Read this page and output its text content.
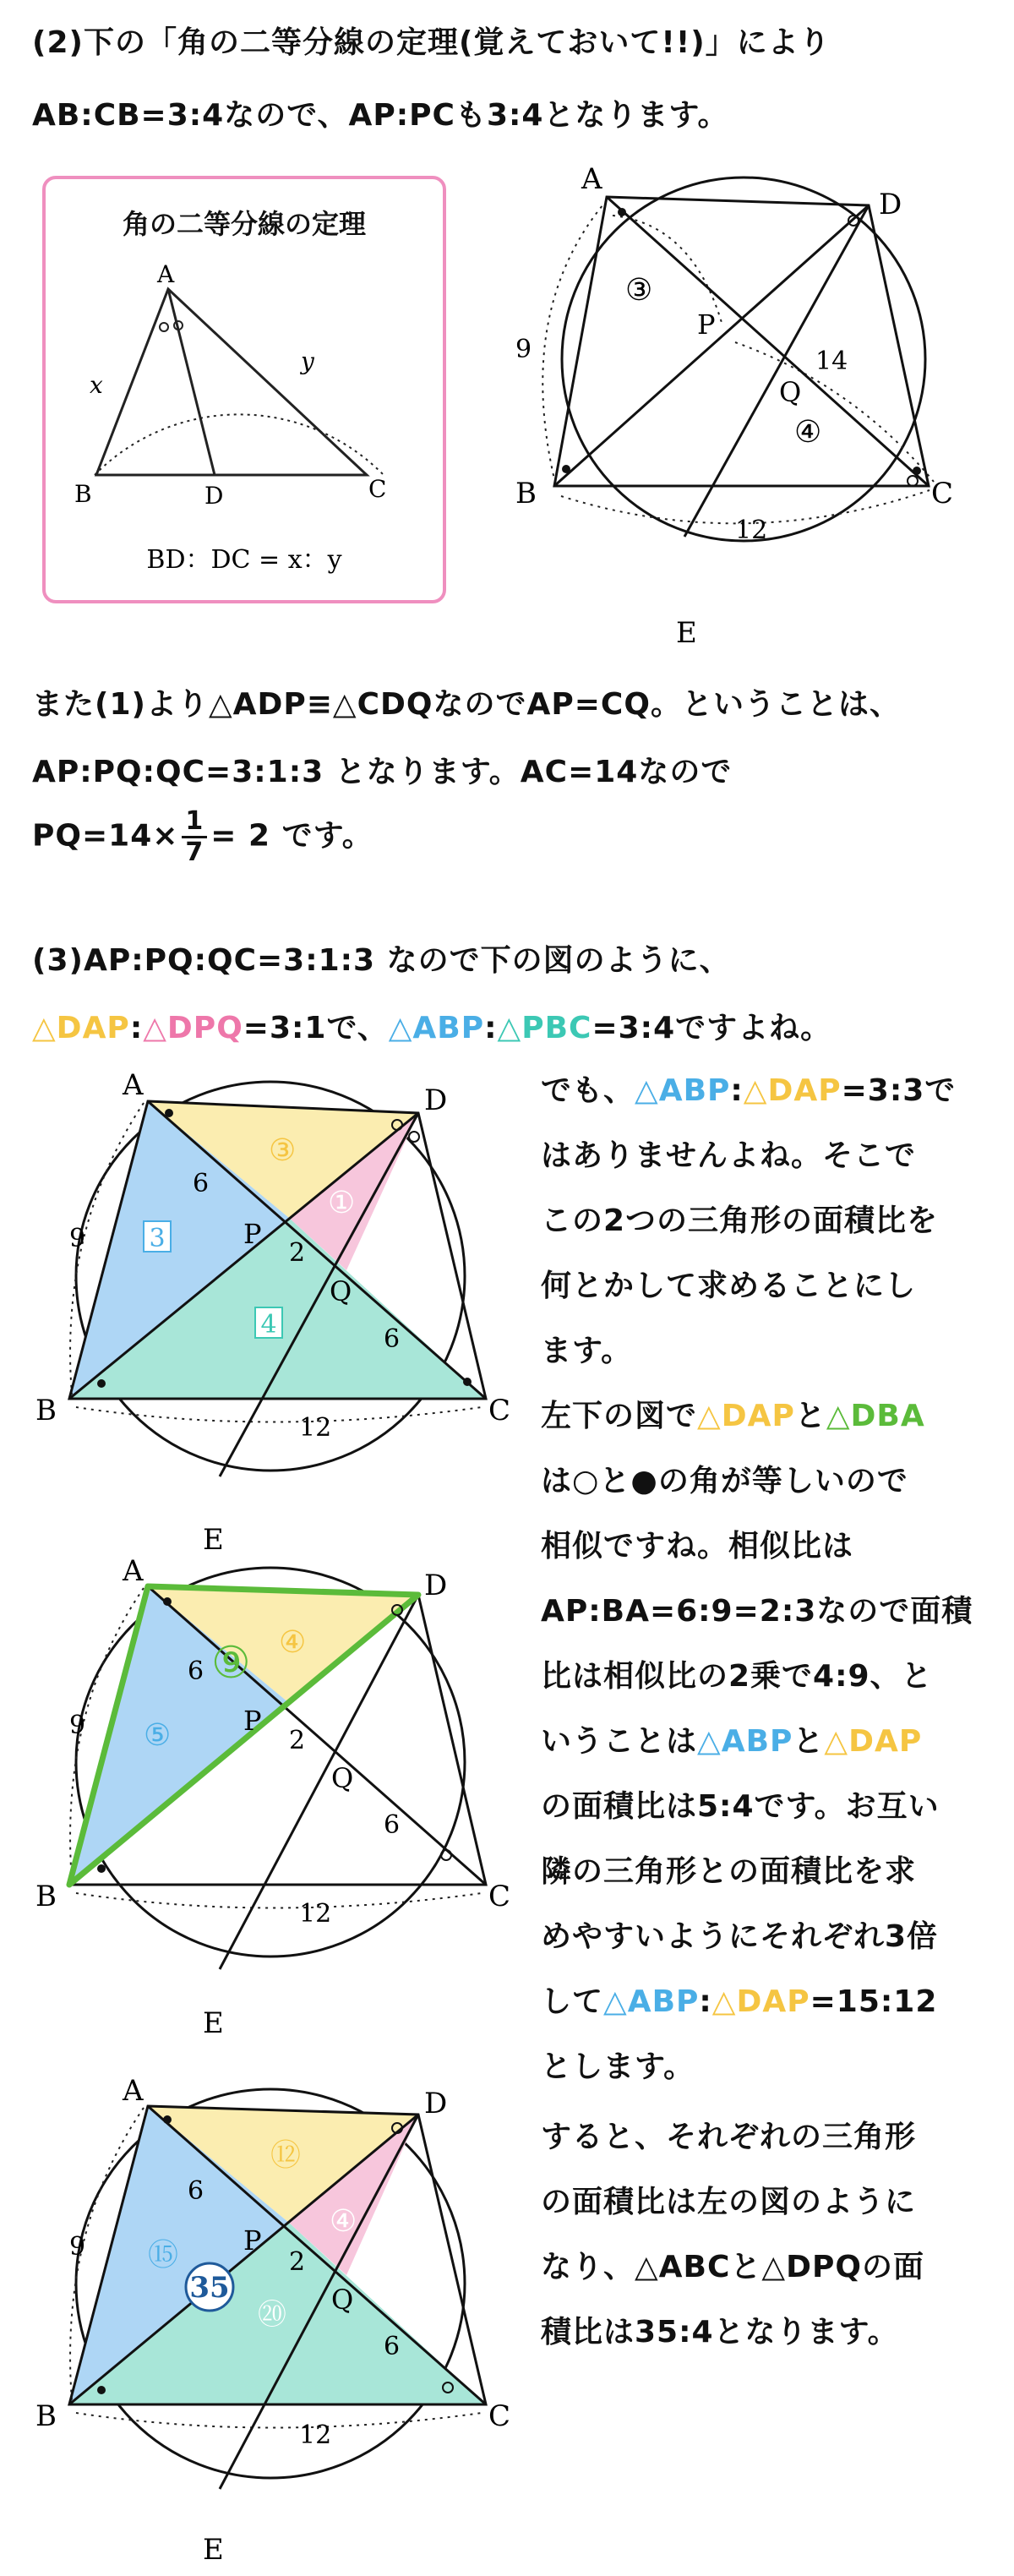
(2)下の「角の二等分線の定理(覚えておいて!!)」により
AB:CB=3:4なので、AP:PCも3:4となります。
角の二等分線の定理
A
B	D	C
x
y
BD：DC = x：y
A
D
B	C
E
P
Q
③
④
9	14
12
また(1)より△ADP≡△CDQなのでAP=CQ。ということは、
AP:PQ:QC=3:1:3 となります。AC=14なので
$PQ=14\times \frac{1}{7} = 2$ です。
(3)AP:PQ:QC=3:1:3 なので下の図のように、
△DAP:△DPQ=3:1で、△ABP:△PBC=3:4ですよね。
でも、△ABP:△DAP=3:3で
はありませんよね。そこで
この2つの三角形の面積比を
何とかして求めることにし
ます。
左下の図で△DAPと△DBA
は○と●の角が等しいので
相似ですね。相似比は
AP:BA=6:9=2:3なので面積
比は相似比の2乗で4:9、と
いうことは△ABPと△DAP
の面積比は5:4です。お互い
隣の三角形との面積比を求
めやすいようにそれぞれ3倍
して△ABP:△DAP=15:12
とします。
すると、それぞれの三角形
の面積比は左の図のように
なり、△ABCと△DPQの面
積比は35:4となります。
A	D
B	C
E
P
Q
③
①
3
4
6
2
6
9
12
A	D
B	C
E
P
Q
⑨ ④
⑤
6
2
6
9
12
A	D
B	C
E
P
Q
⑫
④
⑮
35
⑳
6
2
6
9
12
